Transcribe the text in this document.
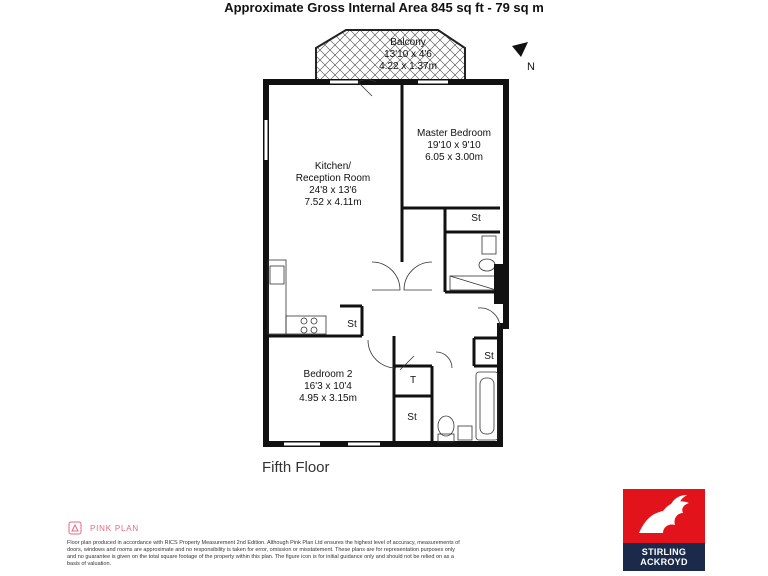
Approximate Gross Internal Area 845 sq ft - 79 sq m
Balcony
13'10 x 4'6
4.22 x 1.37m
Master Bedroom
19'10 x 9'10
6.05 x 3.00m
Kitchen/
Reception Room
24'8 x 13'6
7.52 x 4.11m
Bedroom 2
16'3 x 10'4
4.95 x 3.15m
St
St
St
T
St
N
Fifth Floor
PINK PLAN
Floor plan produced in accordance with RICS Property Measurement 2nd Edition. Although Pink Plan Ltd ensures the highest level of accuracy, measurements of doors, windows and rooms are approximate and no responsibility is taken for error, omission or misstatement. These plans are for representation purposes only and no guarantee is given on the total square footage of the property within this plan. The figure icon is for initial guidance only and should not be relied on as a basis of valuation.
STIRLING
ACKROYD
